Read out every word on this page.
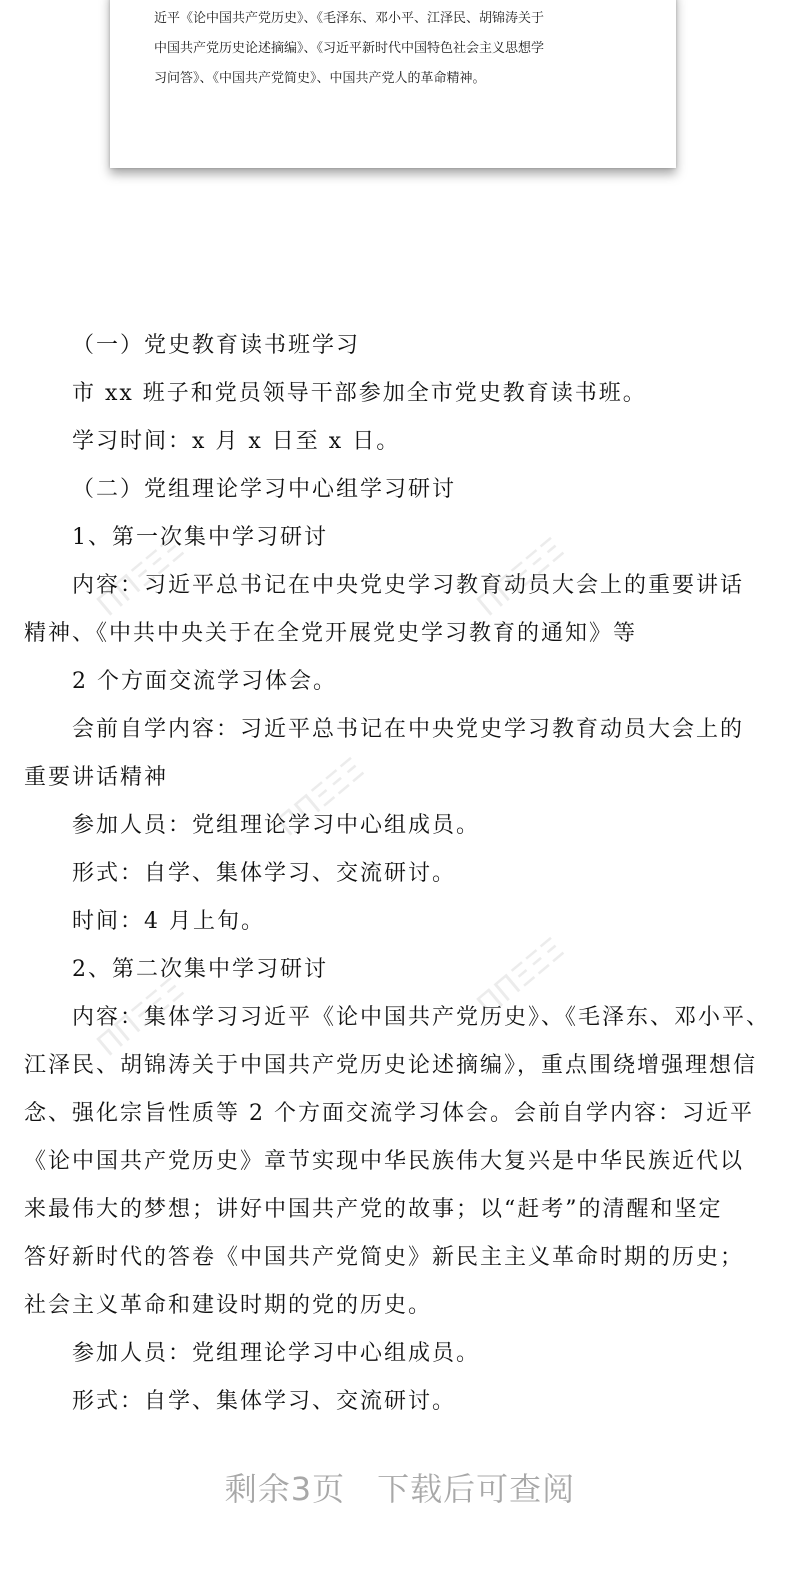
近平《论中国共产党历史》、《毛泽东、邓小平、江泽民、胡锦涛关于
中国共产党历史论述摘编》、《习近平新时代中国特色社会主义思想学
习问答》、《中国共产党简史》、中国共产党人的革命精神。
ΠΠΞΞΞ	ΠΠΞΞΞ
ΠΠΞΞΞ
ΠΠΞΞΞ	ΠΠΞΞΞ
（一）党史教育读书班学习
市 xx 班子和党员领导干部参加全市党史教育读书班。
学习时间：x 月 x 日至 x 日。
（二）党组理论学习中心组学习研讨
1、第一次集中学习研讨
内容：习近平总书记在中央党史学习教育动员大会上的重要讲话
精神、《中共中央关于在全党开展党史学习教育的通知》等
2 个方面交流学习体会。
会前自学内容：习近平总书记在中央党史学习教育动员大会上的
重要讲话精神
参加人员：党组理论学习中心组成员。
形式：自学、集体学习、交流研讨。
时间：4 月上旬。
2、第二次集中学习研讨
内容：集体学习习近平《论中国共产党历史》、《毛泽东、邓小平、
江泽民、胡锦涛关于中国共产党历史论述摘编》，重点围绕增强理想信
念、强化宗旨性质等 2 个方面交流学习体会。会前自学内容：习近平
《论中国共产党历史》章节实现中华民族伟大复兴是中华民族近代以
来最伟大的梦想；讲好中国共产党的故事；以“赶考”的清醒和坚定
答好新时代的答卷《中国共产党简史》新民主主义革命时期的历史；
社会主义革命和建设时期的党的历史。
参加人员：党组理论学习中心组成员。
形式：自学、集体学习、交流研讨。
剩余3页 下载后可查阅
